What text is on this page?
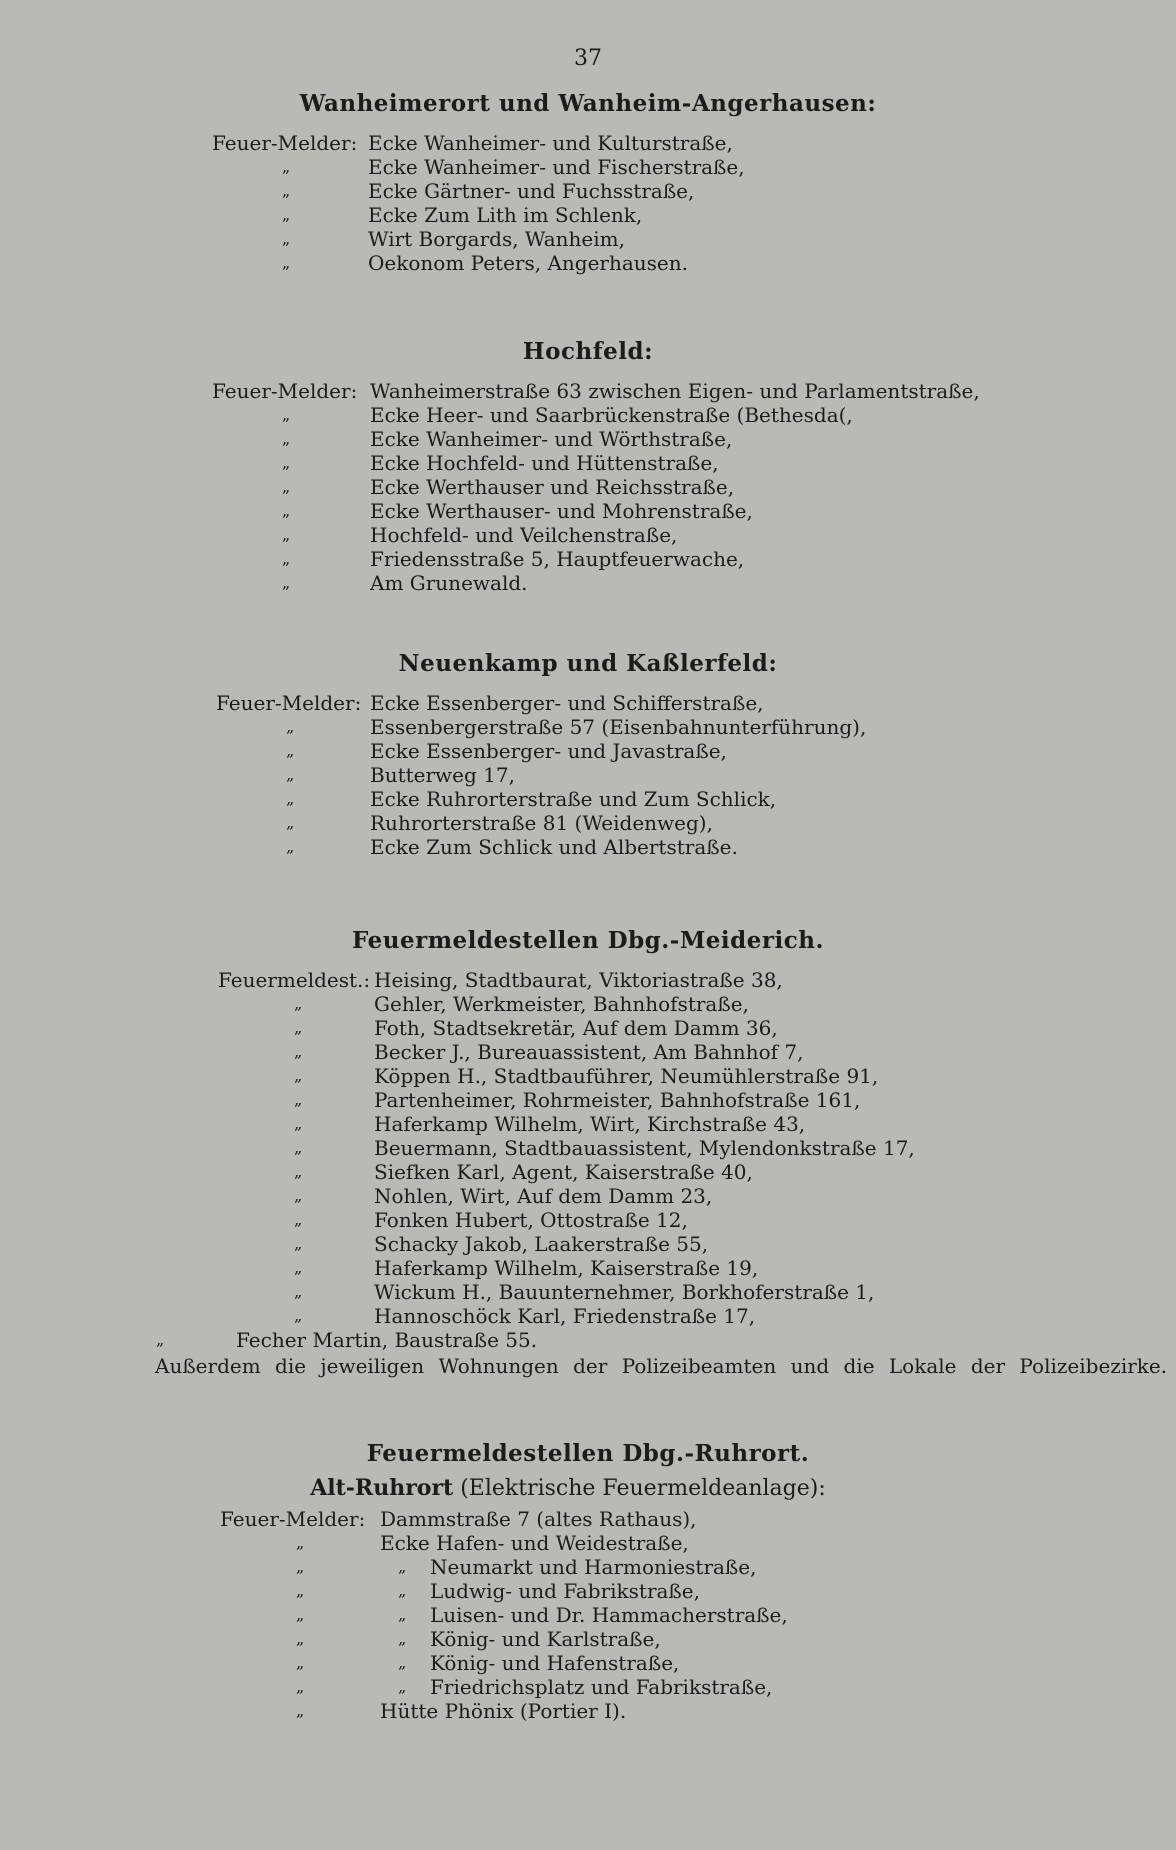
37
Wanheimerort und Wanheim-Angerhausen:
Feuer-Melder: Ecke Wanheimer- und Kulturstraße,
„	Ecke Wanheimer- und Fischerstraße,
„	Ecke Gärtner- und Fuchsstraße,
„	Ecke Zum Lith im Schlenk,
„	Wirt Borgards, Wanheim,
„	Oekonom Peters, Angerhausen.
Hochfeld:
Feuer-Melder: Wanheimerstraße 63 zwischen Eigen- und Parlamentstraße,
„	Ecke Heer- und Saarbrückenstraße (Bethesda(,
„	Ecke Wanheimer- und Wörthstraße,
„	Ecke Hochfeld- und Hüttenstraße,
„	Ecke Werthauser und Reichsstraße,
„	Ecke Werthauser- und Mohrenstraße,
„	Hochfeld- und Veilchenstraße,
„	Friedensstraße 5, Hauptfeuerwache,
„	Am Grunewald.
Neuenkamp und Kaßlerfeld:
Feuer-Melder: Ecke Essenberger- und Schifferstraße,
„	Essenbergerstraße 57 (Eisenbahnunterführung),
„	Ecke Essenberger- und Javastraße,
„	Butterweg 17,
„	Ecke Ruhrorterstraße und Zum Schlick,
„	Ruhrorterstraße 81 (Weidenweg),
„	Ecke Zum Schlick und Albertstraße.
Feuermeldestellen Dbg.-Meiderich.
Feuermeldest.: Heising, Stadtbaurat, Viktoriastraße 38,
„	Gehler, Werkmeister, Bahnhofstraße,
„	Foth, Stadtsekretär, Auf dem Damm 36,
„	Becker J., Bureauassistent, Am Bahnhof 7,
„	Köppen H., Stadtbauführer, Neumühlerstraße 91,
„	Partenheimer, Rohrmeister, Bahnhofstraße 161,
„	Haferkamp Wilhelm, Wirt, Kirchstraße 43,
„	Beuermann, Stadtbauassistent, Mylendonkstraße 17,
„	Siefken Karl, Agent, Kaiserstraße 40,
„	Nohlen, Wirt, Auf dem Damm 23,
„	Fonken Hubert, Ottostraße 12,
„	Schacky Jakob, Laakerstraße 55,
„	Haferkamp Wilhelm, Kaiserstraße 19,
„	Wickum H., Bauunternehmer, Borkhoferstraße 1,
„	Hannoschöck Karl, Friedenstraße 17,
„	Fecher Martin, Baustraße 55.
Außerdem die jeweiligen Wohnungen der Polizeibeamten und die Lokale der Polizeibezirke.
Feuermeldestellen Dbg.-Ruhrort.
Alt-Ruhrort (Elektrische Feuermeldeanlage):
Feuer-Melder: Dammstraße 7 (altes Rathaus),
„	Ecke Hafen- und Weidestraße,
„	„ Neumarkt und Harmoniestraße,
„	„ Ludwig- und Fabrikstraße,
„	„ Luisen- und Dr. Hammacherstraße,
„	„ König- und Karlstraße,
„	„ König- und Hafenstraße,
„	„ Friedrichsplatz und Fabrikstraße,
„	Hütte Phönix (Portier I).
